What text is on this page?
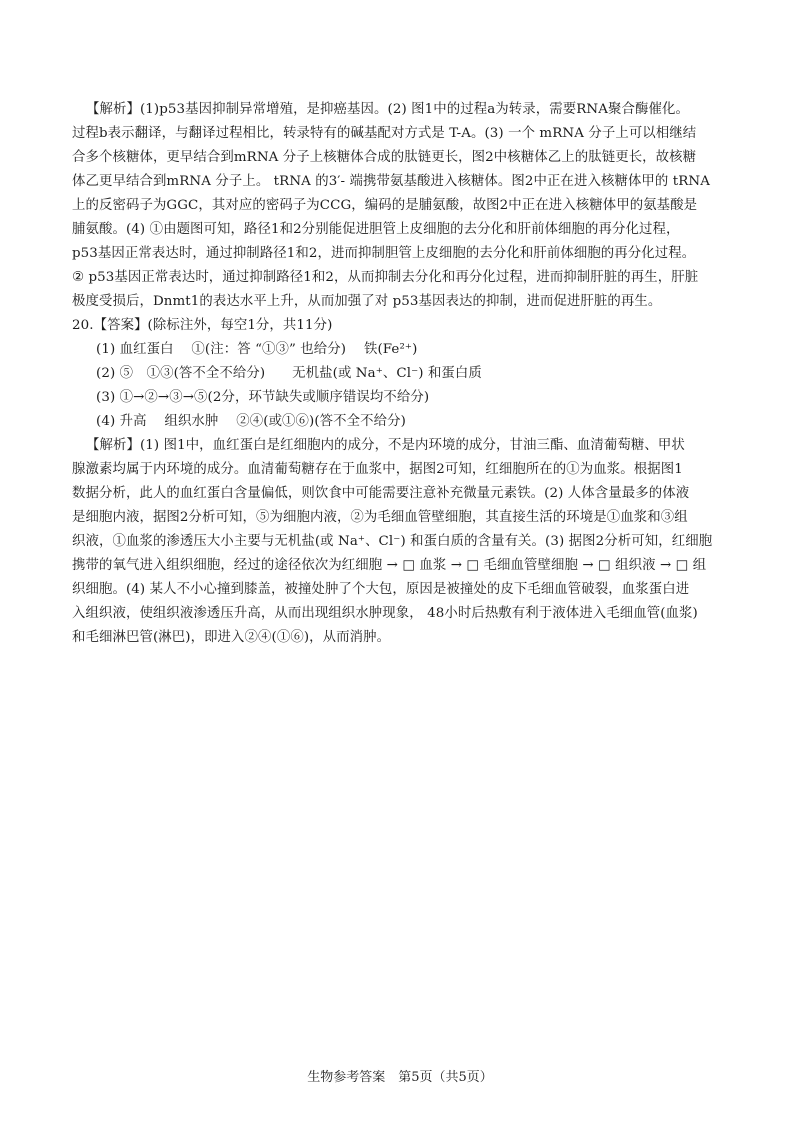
【解析】(1)p53基因抑制异常增殖，是抑癌基因。(2) 图1中的过程a为转录，需要RNA聚合酶催化。
过程b表示翻译，与翻译过程相比，转录特有的碱基配对方式是 T-A。(3) 一个 mRNA 分子上可以相继结
合多个核糖体，更早结合到mRNA 分子上核糖体合成的肽链更长，图2中核糖体乙上的肽链更长，故核糖
体乙更早结合到mRNA 分子上。 tRNA 的3′- 端携带氨基酸进入核糖体。图2中正在进入核糖体甲的 tRNA
上的反密码子为GGC，其对应的密码子为CCG，编码的是脯氨酸，故图2中正在进入核糖体甲的氨基酸是
脯氨酸。(4) ①由题图可知，路径1和2分别能促进胆管上皮细胞的去分化和肝前体细胞的再分化过程，
p53基因正常表达时，通过抑制路径1和2，进而抑制胆管上皮细胞的去分化和肝前体细胞的再分化过程。
② p53基因正常表达时，通过抑制路径1和2，从而抑制去分化和再分化过程，进而抑制肝脏的再生，肝脏
极度受损后，Dnmt1的表达水平上升，从而加强了对 p53基因表达的抑制，进而促进肝脏的再生。
20.【答案】(除标注外，每空1分，共11分)
(1) 血红蛋白　 ①(注：答 “①③” 也给分)　 铁(Fe²⁺)
(2) ⑤　①③(答不全不给分)　　无机盐(或 Na⁺、Cl⁻) 和蛋白质
(3) ①→②→③→⑤(2分，环节缺失或顺序错误均不给分)
(4) 升高　 组织水肿　 ②④(或①⑥)(答不全不给分)
【解析】(1) 图1中，血红蛋白是红细胞内的成分，不是内环境的成分，甘油三酯、血清葡萄糖、甲状
腺激素均属于内环境的成分。血清葡萄糖存在于血浆中，据图2可知，红细胞所在的①为血浆。根据图1
数据分析，此人的血红蛋白含量偏低，则饮食中可能需要注意补充微量元素铁。(2) 人体含量最多的体液
是细胞内液，据图2分析可知，⑤为细胞内液，②为毛细血管壁细胞，其直接生活的环境是①血浆和③组
织液，①血浆的渗透压大小主要与无机盐(或 Na⁺、Cl⁻) 和蛋白质的含量有关。(3) 据图2分析可知，红细胞
携带的氧气进入组织细胞，经过的途径依次为红细胞 → □ 血浆 → □ 毛细血管壁细胞 → □ 组织液 → □ 组
织细胞。(4) 某人不小心撞到膝盖，被撞处肿了个大包，原因是被撞处的皮下毛细血管破裂，血浆蛋白进
入组织液，使组织液渗透压升高，从而出现组织水肿现象， 48小时后热敷有利于液体进入毛细血管(血浆)
和毛细淋巴管(淋巴)，即进入②④(①⑥)，从而消肿。
生物参考答案　第5页（共5页）
